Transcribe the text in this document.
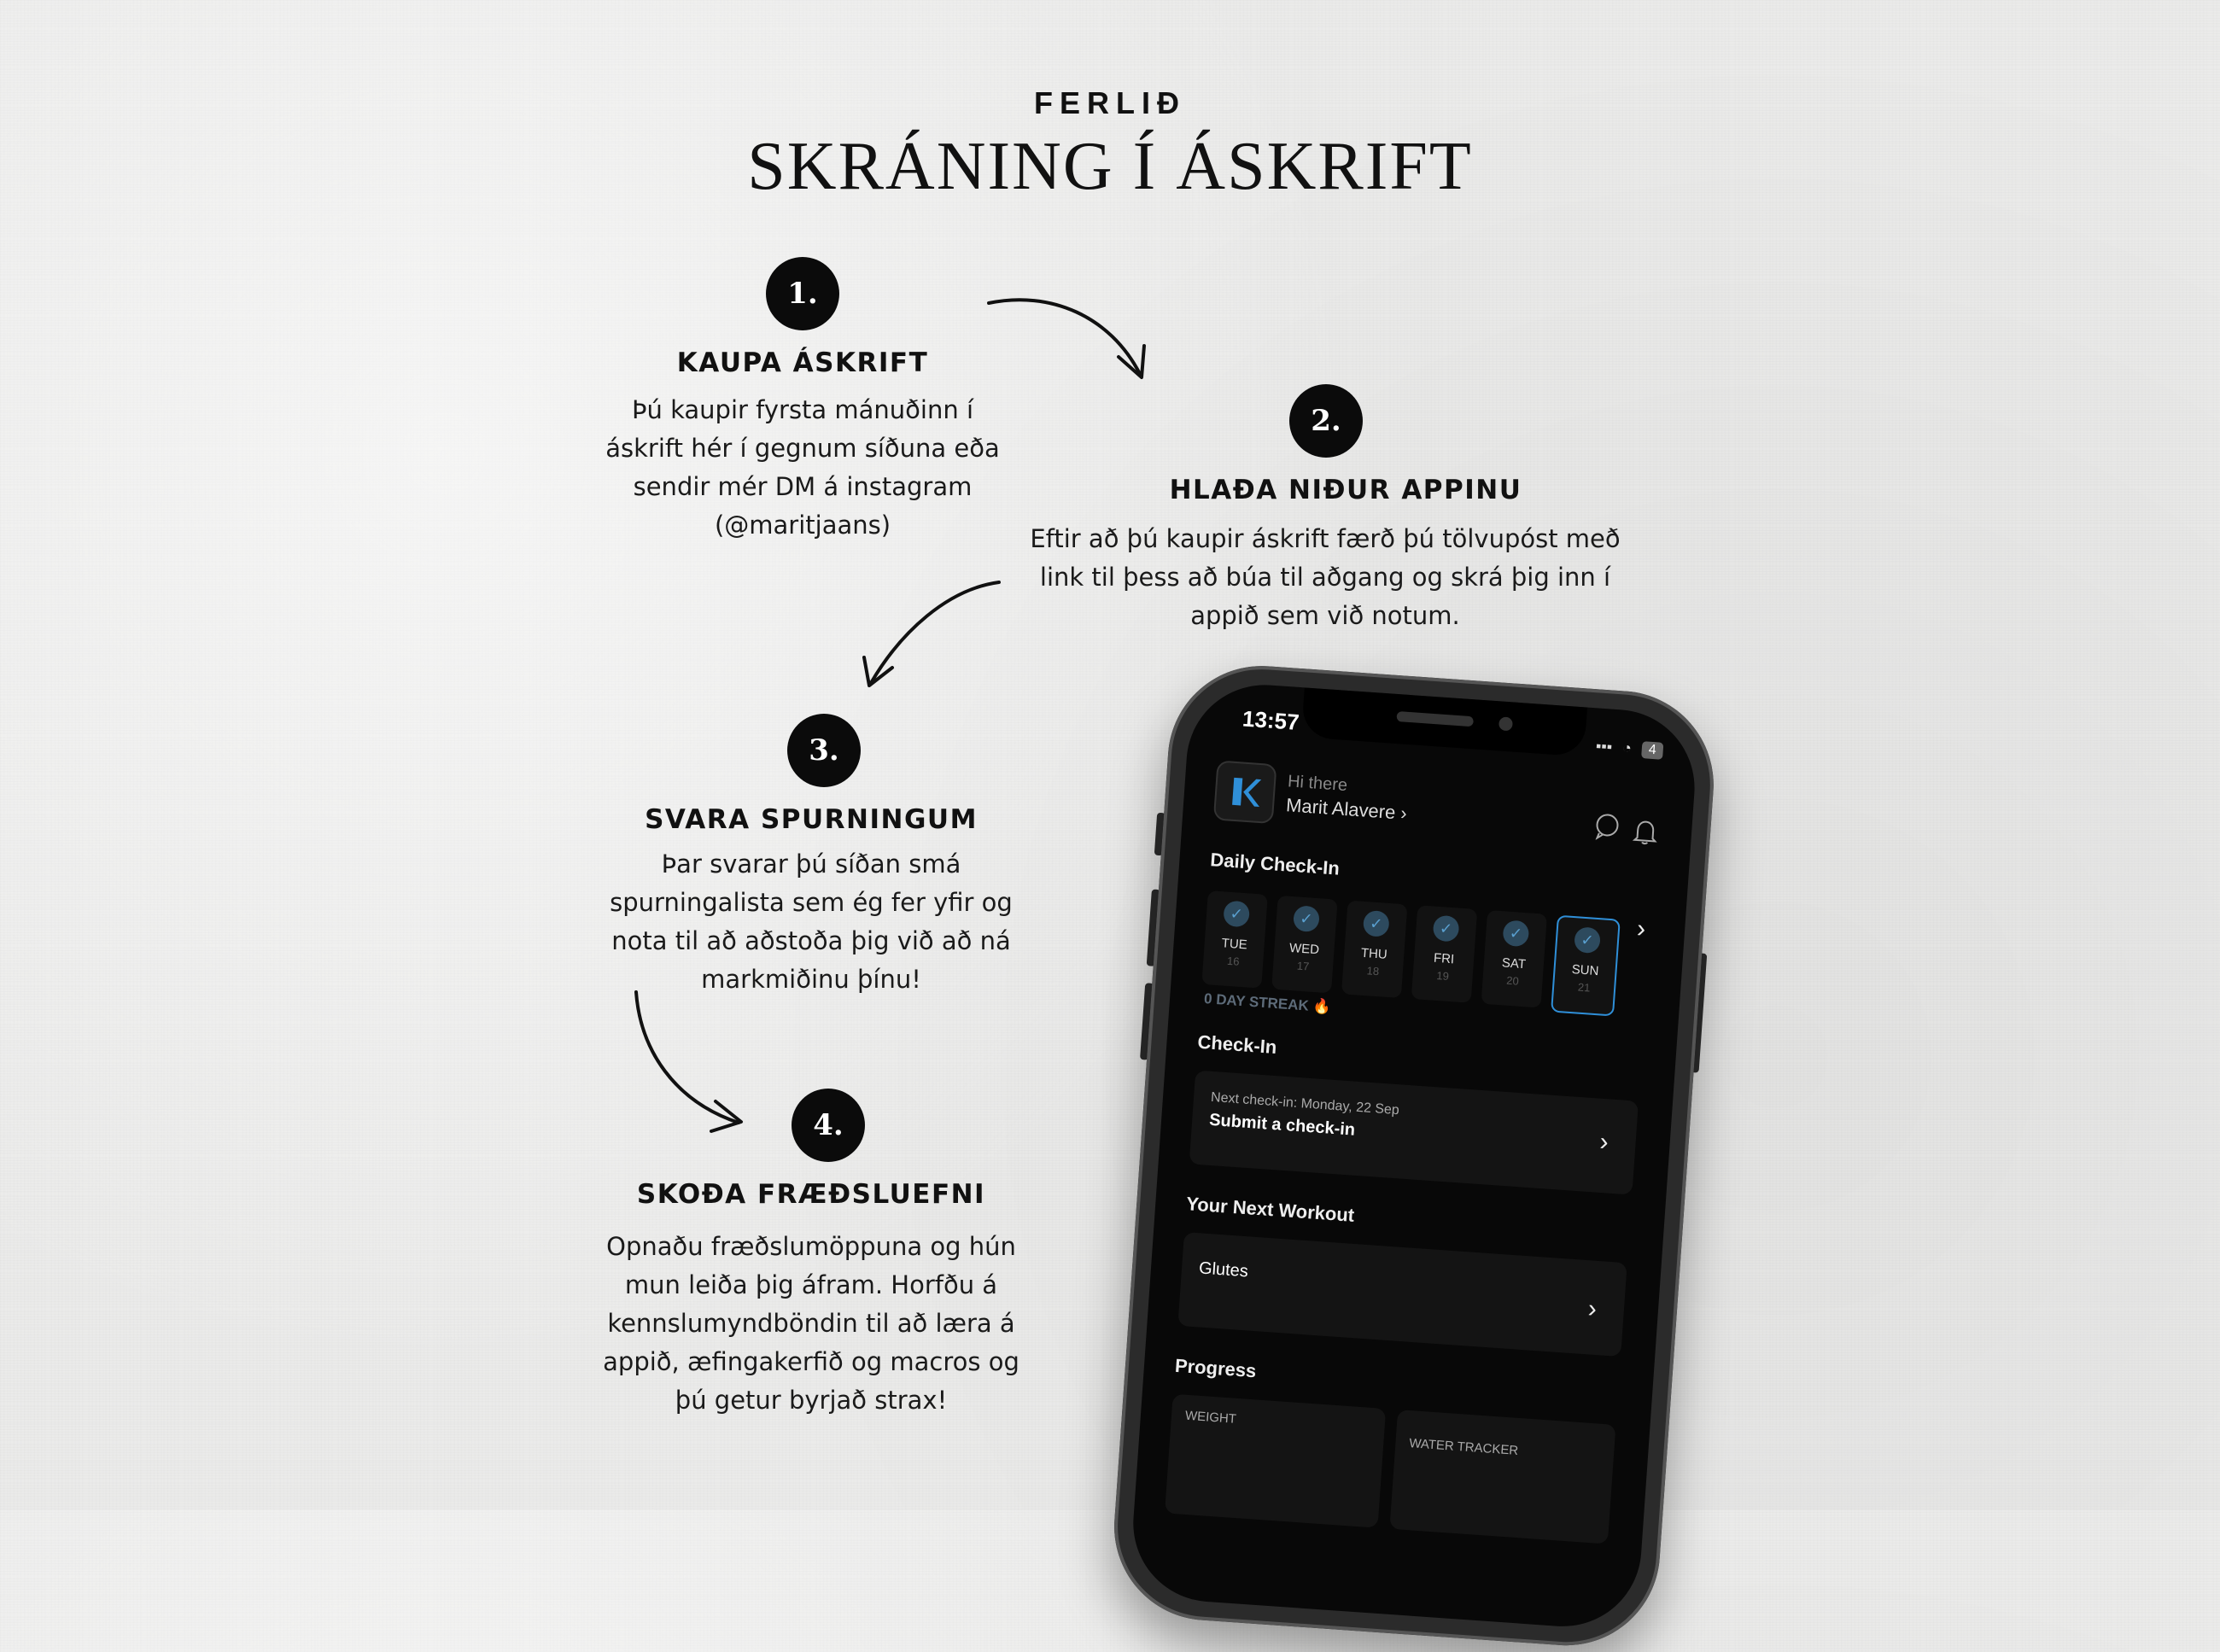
FERLIÐ
SKRÁNING Í ÁSKRIFT
1.
KAUPA ÁSKRIFT
Þú kaupir fyrsta mánuðinn í
áskrift hér í gegnum síðuna eða
sendir mér DM á instagram
(@maritjaans)
2.
HLAÐA NIÐUR APPINU
Eftir að þú kaupir áskrift færð þú tölvupóst með
link til þess að búa til aðgang og skrá þig inn í
appið sem við notum.
3.
SVARA SPURNINGUM
Þar svarar þú síðan smá
spurningalista sem ég fer yfir og
nota til að aðstoða þig við að ná
markmiðinu þínu!
4.
SKOÐA FRÆÐSLUEFNI
Opnaðu fræðslumöppuna og hún
mun leiða þig áfram. Horfðu á
kennslumyndböndin til að læra á
appið, æfingakerfið og macros og
þú getur byrjað strax!
13:57
▪▪▪ ◔	4
Hi there
Marit Alavere ›
Daily Check-In
›
✓
TUE
16
✓
WED
17
✓
THU
18
✓
FRI
19
✓
SAT
20
✓
SUN
21
0 DAY STREAK 🔥
Check-In
Next check-in: Monday, 22 Sep
Submit a check-in
›
Your Next Workout
Glutes
›
Progress
WEIGHT
WATER TRACKER
